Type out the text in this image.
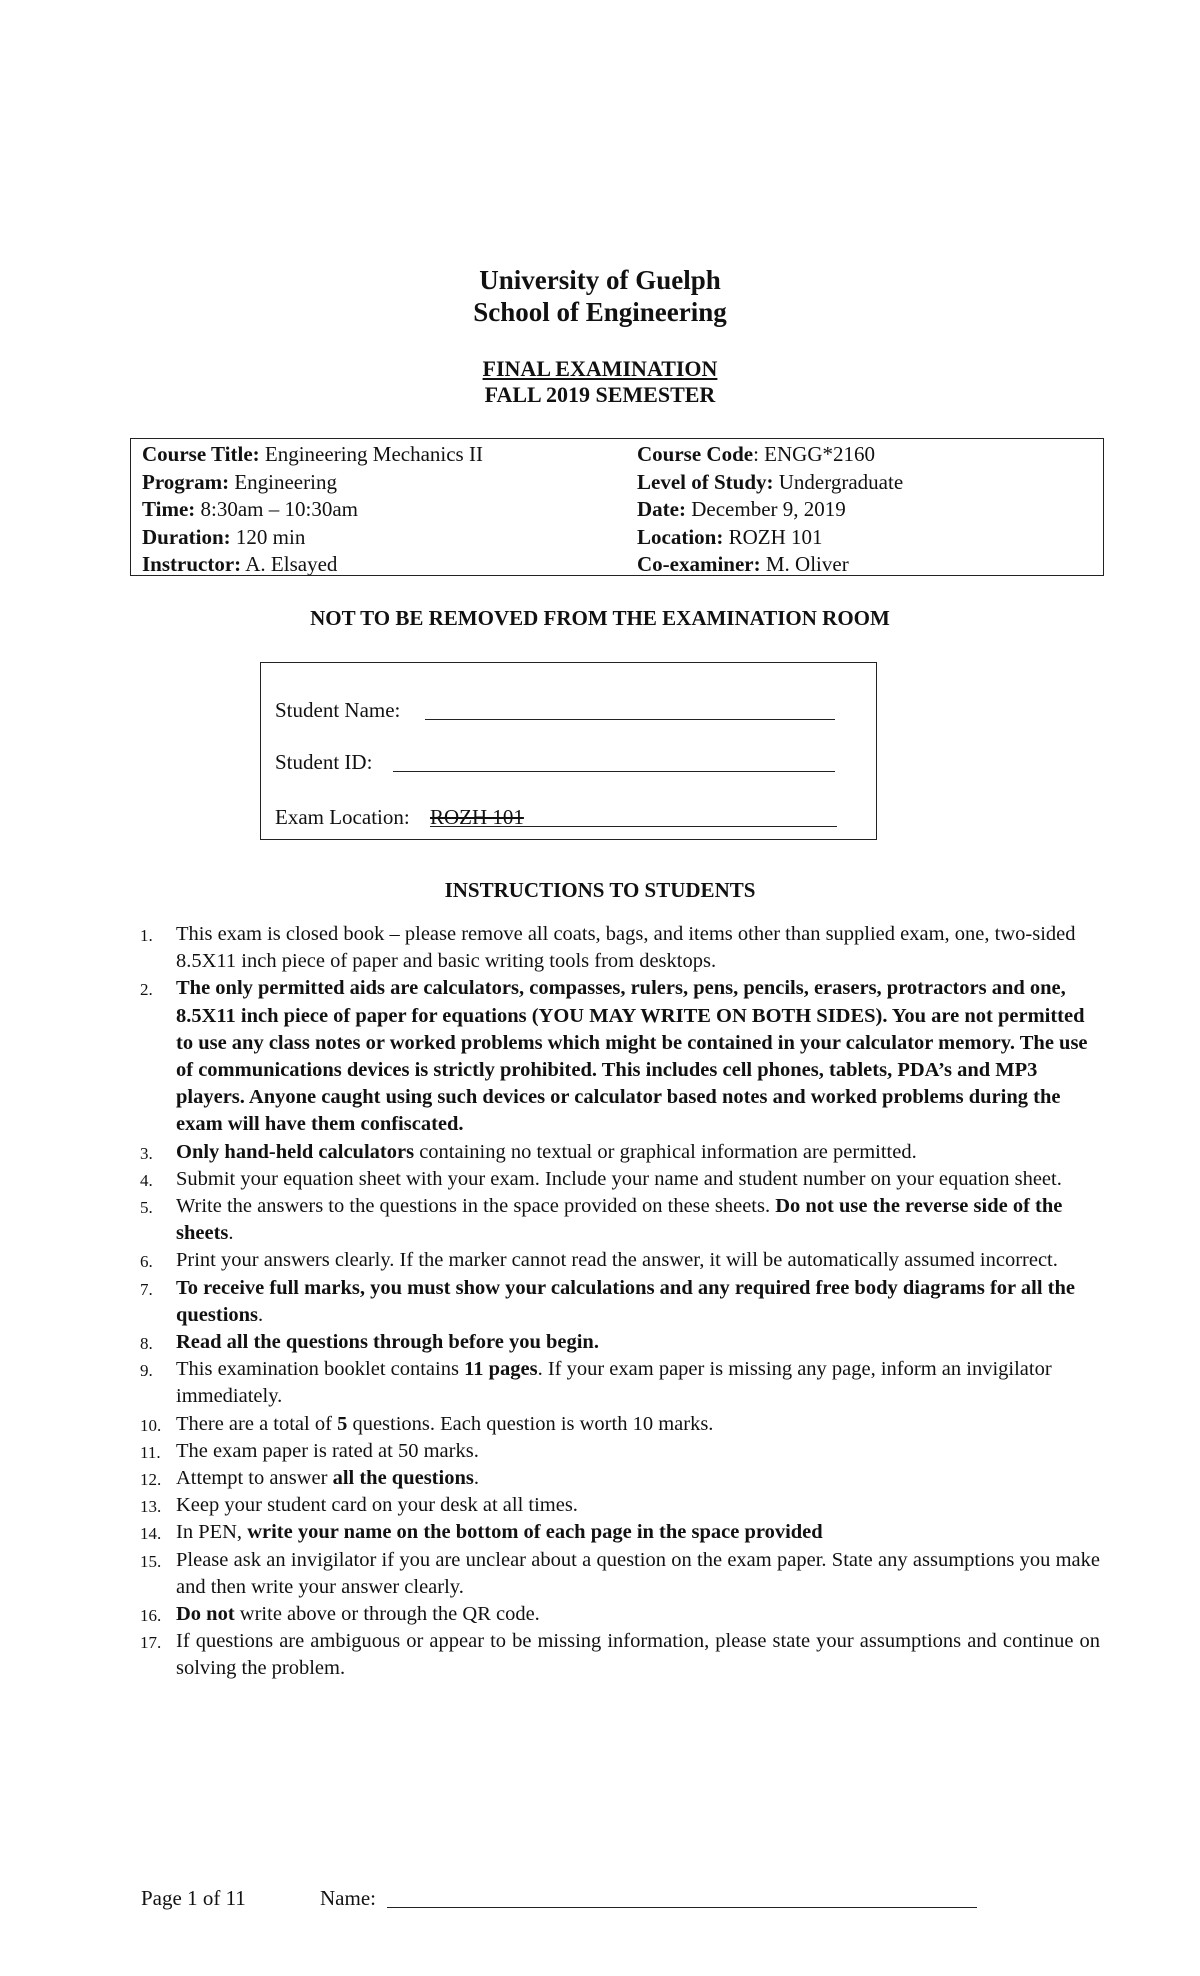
University of Guelph
School of Engineering
FINAL EXAMINATION
FALL 2019 SEMESTER
Course Title: Engineering Mechanics II
Program: Engineering
Time: 8:30am – 10:30am
Duration: 120 min
Instructor: A. Elsayed
Course Code: ENGG*2160
Level of Study: Undergraduate
Date: December 9, 2019
Location: ROZH 101
Co-examiner: M. Oliver
NOT TO BE REMOVED FROM THE EXAMINATION ROOM
Student Name:
Student ID:
Exam Location: ROZH 101
INSTRUCTIONS TO STUDENTS
1. This exam is closed book – please remove all coats, bags, and items other than supplied exam, one, two-sided 8.5X11 inch piece of paper and basic writing tools from desktops.
2. The only permitted aids are calculators, compasses, rulers, pens, pencils, erasers, protractors and one, 8.5X11 inch piece of paper for equations (YOU MAY WRITE ON BOTH SIDES). You are not permitted to use any class notes or worked problems which might be contained in your calculator memory. The use of communications devices is strictly prohibited. This includes cell phones, tablets, PDA’s and MP3 players. Anyone caught using such devices or calculator based notes and worked problems during the exam will have them confiscated.
3. Only hand-held calculators containing no textual or graphical information are permitted.
4. Submit your equation sheet with your exam. Include your name and student number on your equation sheet.
5. Write the answers to the questions in the space provided on these sheets. Do not use the reverse side of the sheets.
6. Print your answers clearly. If the marker cannot read the answer, it will be automatically assumed incorrect.
7. To receive full marks, you must show your calculations and any required free body diagrams for all the questions.
8. Read all the questions through before you begin.
9. This examination booklet contains 11 pages. If your exam paper is missing any page, inform an invigilator immediately.
10. There are a total of 5 questions. Each question is worth 10 marks.
11. The exam paper is rated at 50 marks.
12. Attempt to answer all the questions.
13. Keep your student card on your desk at all times.
14. In PEN, write your name on the bottom of each page in the space provided
15. Please ask an invigilator if you are unclear about a question on the exam paper. State any assumptions you make and then write your answer clearly.
16. Do not write above or through the QR code.
17. If questions are ambiguous or appear to be missing information, please state your assumptions and continue on solving the problem.
Page 1 of 11	Name:
